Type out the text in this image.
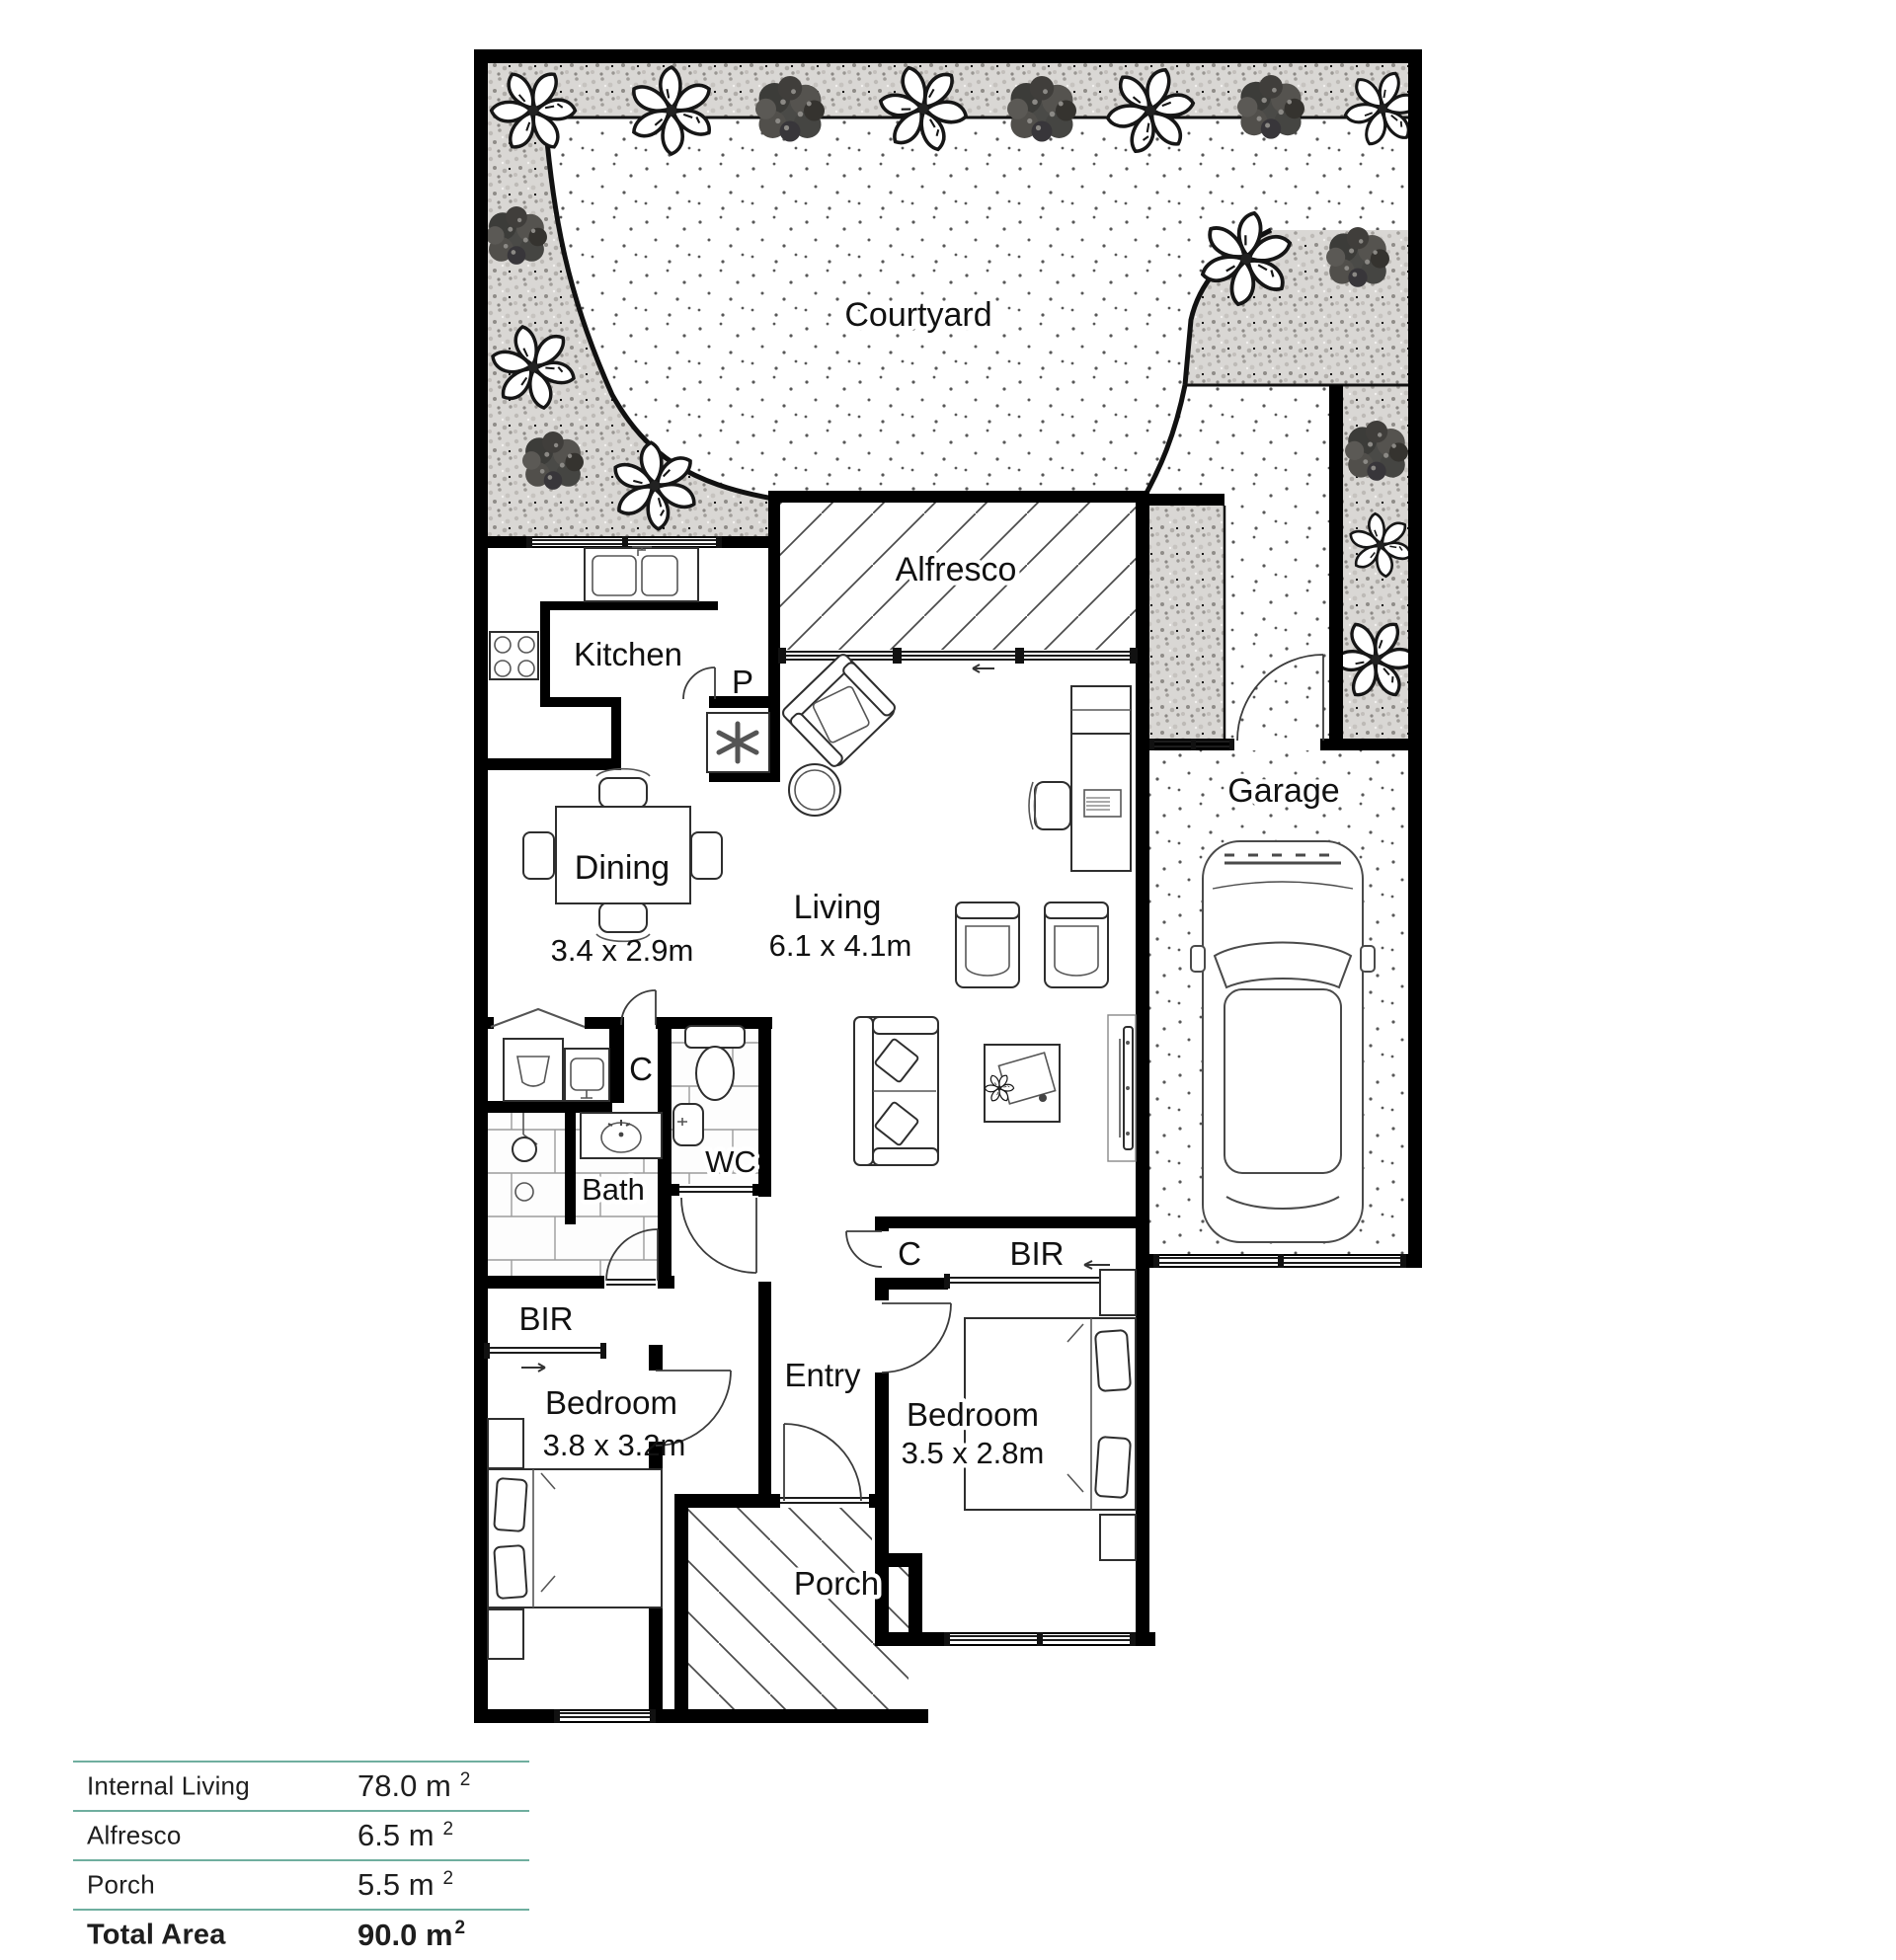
Courtyard
Alfresco
Kitchen
P
Dining
3.4 x 2.9m
Living
6.1 x 4.1m
Garage
C
WC
Bath
BIR
Bedroom
3.8 x 3.2m
Entry
C	BIR
Bedroom
3.5 x 2.8m
Porch
Internal Living	78.0 m $^2$
Alfresco	6.5 m $^2$
Porch	5.5 m $^2$
Total Area	90.0 m $^2$
